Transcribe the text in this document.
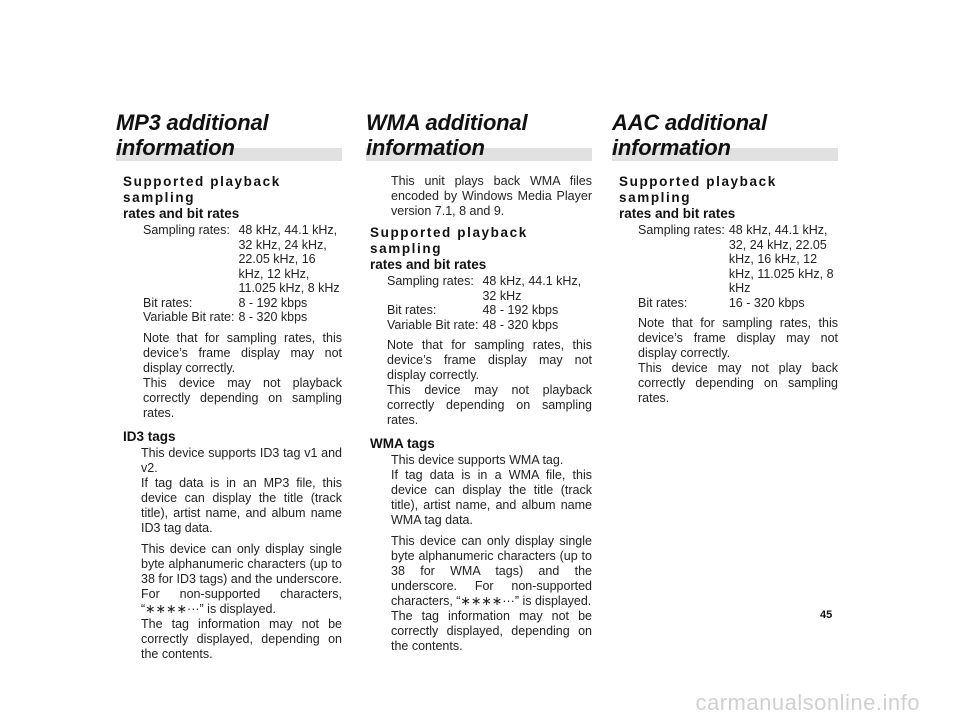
MP3 additional
information
Supported playback sampling
rates and bit rates
Sampling rates:	48 kHz, 44.1 kHz, 32 kHz, 24 kHz, 22.05 kHz, 16 kHz, 12 kHz, 11.025 kHz, 8 kHz
Bit rates:	8 - 192 kbps
Variable Bit rate:	8 - 320 kbps

Note that for sampling rates, this device’s frame display may not display correctly.

This device may not playback correctly depending on sampling rates.

ID3 tags

This device supports ID3 tag v1 and v2.

If tag data is in an MP3 file, this device can display the title (track title), artist name, and album name ID3 tag data.

This device can only display single byte alphanumeric characters (up to 38 for ID3 tags) and the underscore. For non-supported characters, “∗∗∗∗···” is displayed.

The tag information may not be correctly displayed, depending on the contents.

WMA additional
information

This unit plays back WMA files encoded by Windows Media Player version 7.1, 8 and 9.

Supported playback sampling
rates and bit rates
Sampling rates:	48 kHz, 44.1 kHz, 32 kHz
Bit rates:	48 - 192 kbps
Variable Bit rate:	48 - 320 kbps

Note that for sampling rates, this device’s frame display may not display correctly.

This device may not playback correctly depending on sampling rates.

WMA tags

This device supports WMA tag.

If tag data is in a WMA file, this device can display the title (track title), artist name, and album name WMA tag data.

This device can only display single byte alphanumeric characters (up to 38 for WMA tags) and the underscore. For non-supported characters, “∗∗∗∗···” is displayed.

The tag information may not be correctly displayed, depending on the contents.

AAC additional
information
Supported playback sampling
rates and bit rates
Sampling rates:	48 kHz, 44.1 kHz, 32, 24 kHz, 22.05 kHz, 16 kHz, 12 kHz, 11.025 kHz, 8 kHz
Bit rates:	16 - 320 kbps

Note that for sampling rates, this device’s frame display may not display correctly.

This device may not play back correctly depending on sampling rates.

45
carmanualsonline.info
